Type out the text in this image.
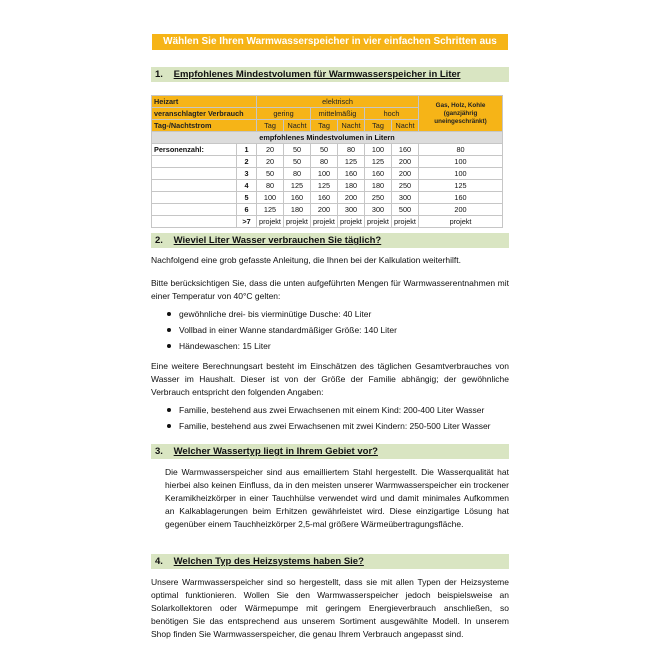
Wählen Sie Ihren Warmwasserspeicher in vier einfachen Schritten aus
1. Empfohlenes Mindestvolumen für Warmwasserspeicher in Liter
Heizart		elektrisch						Gas, Holz, Kohle (ganzjährig uneingeschränkt)
veranschlagter Verbrauch		gering		mittelmäßig		hoch		
Tag-/Nachtstrom		Tag	Nacht	Tag	Nacht	Tag	Nacht	
empfohlenes Mindestvolumen in Litern								
Personenzahl:	1	20	50	50	80	100	160	80
	2	20	50	80	125	125	200	100
	3	50	80	100	160	160	200	100
	4	80	125	125	180	180	250	125
	5	100	160	160	200	250	300	160
	6	125	180	200	300	300	500	200
	>7	projekt	projekt	projekt	projekt	projekt	projekt	projekt
2. Wieviel Liter Wasser verbrauchen Sie täglich?
Nachfolgend eine grob gefasste Anleitung, die Ihnen bei der Kalkulation weiterhilft.
Bitte berücksichtigen Sie, dass die unten aufgeführten Mengen für Warmwasserentnahmen mit einer Temperatur von 40°C gelten:
gewöhnliche drei- bis vierminütige Dusche: 40 Liter
Vollbad in einer Wanne standardmäßiger Größe: 140 Liter
Händewaschen: 15 Liter
Eine weitere Berechnungsart besteht im Einschätzen des täglichen Gesamtverbrauches von Wasser im Haushalt. Dieser ist von der Größe der Familie abhängig; der gewöhnliche Verbrauch entspricht den folgenden Angaben:
Familie, bestehend aus zwei Erwachsenen mit einem Kind: 200-400 Liter Wasser
Familie, bestehend aus zwei Erwachsenen mit zwei Kindern: 250-500 Liter Wasser
3. Welcher Wassertyp liegt in Ihrem Gebiet vor?
Die Warmwasserspeicher sind aus emailliertem Stahl hergestellt. Die Wasserqualität hat hierbei also keinen Einfluss, da in den meisten unserer Warmwasserspeicher ein trockener Keramikheizkörper in einer Tauchhülse verwendet wird und damit minimales Aufkommen an Kalkablagerungen beim Erhitzen gewährleistet wird. Diese einzigartige Lösung hat gegenüber einem Tauchheizkörper 2,5-mal größere Wärmeübertragungsfläche.
4. Welchen Typ des Heizsystems haben Sie?
Unsere Warmwasserspeicher sind so hergestellt, dass sie mit allen Typen der Heizsysteme optimal funktionieren. Wollen Sie den Warmwasserspeicher jedoch beispielsweise an Solarkollektoren oder Wärmepumpe mit geringem Energieverbrauch anschließen, so benötigen Sie das entsprechend aus unserem Sortiment ausgewählte Modell. In unserem Shop finden Sie Warmwasserspeicher, die genau Ihrem Verbrauch angepasst sind.
